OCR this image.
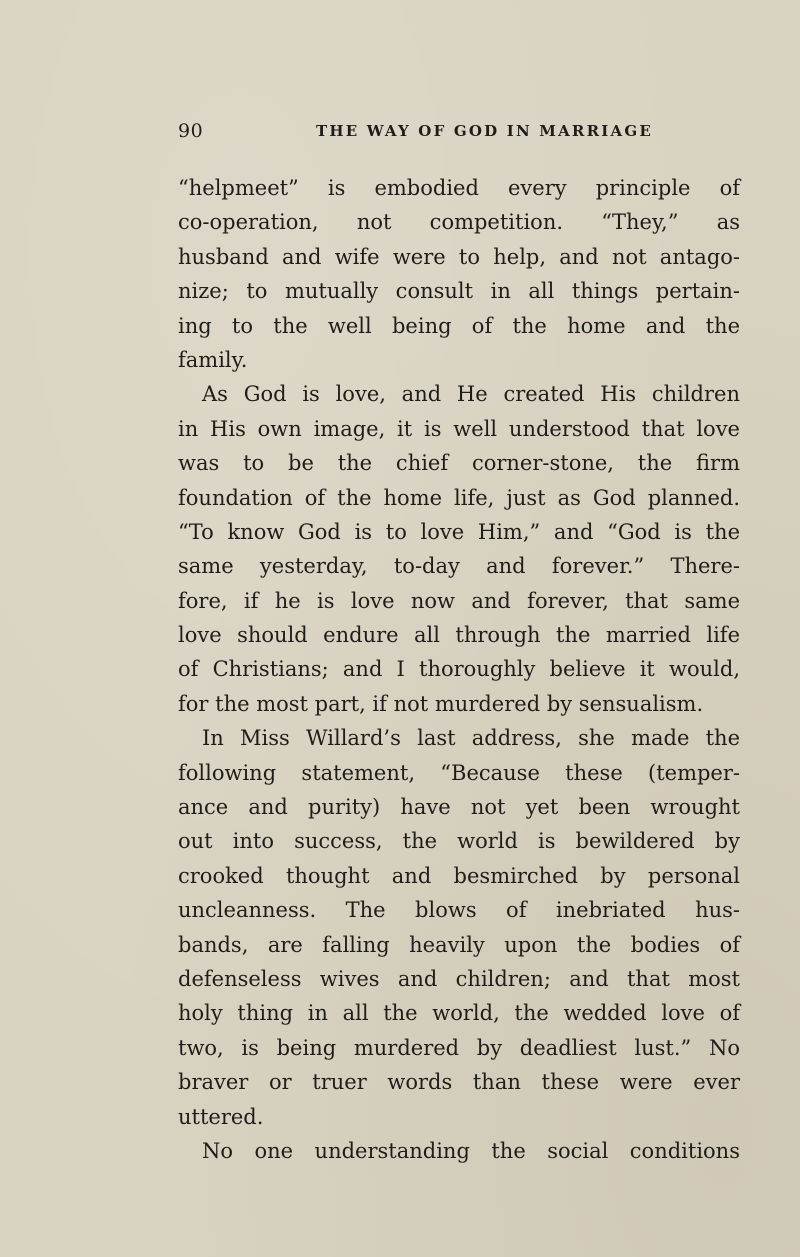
90	THE WAY OF GOD IN MARRIAGE
“helpmeet” is embodied every principle of
co-operation, not competition. “They,” as
husband and wife were to help, and not antago-
nize; to mutually consult in all things pertain-
ing to the well being of the home and the
family.
As God is love, and He created His children
in His own image, it is well understood that love
was to be the chief corner-stone, the firm
foundation of the home life, just as God planned.
“To know God is to love Him,” and “God is the
same yesterday, to-day and forever.” There-
fore, if he is love now and forever, that same
love should endure all through the married life
of Christians; and I thoroughly believe it would,
for the most part, if not murdered by sensualism.
In Miss Willard’s last address, she made the
following statement, “Because these (temper-
ance and purity) have not yet been wrought
out into success, the world is bewildered by
crooked thought and besmirched by personal
uncleanness. The blows of inebriated hus-
bands, are falling heavily upon the bodies of
defenseless wives and children; and that most
holy thing in all the world, the wedded love of
two, is being murdered by deadliest lust.” No
braver or truer words than these were ever
uttered.
No one understanding the social conditions
